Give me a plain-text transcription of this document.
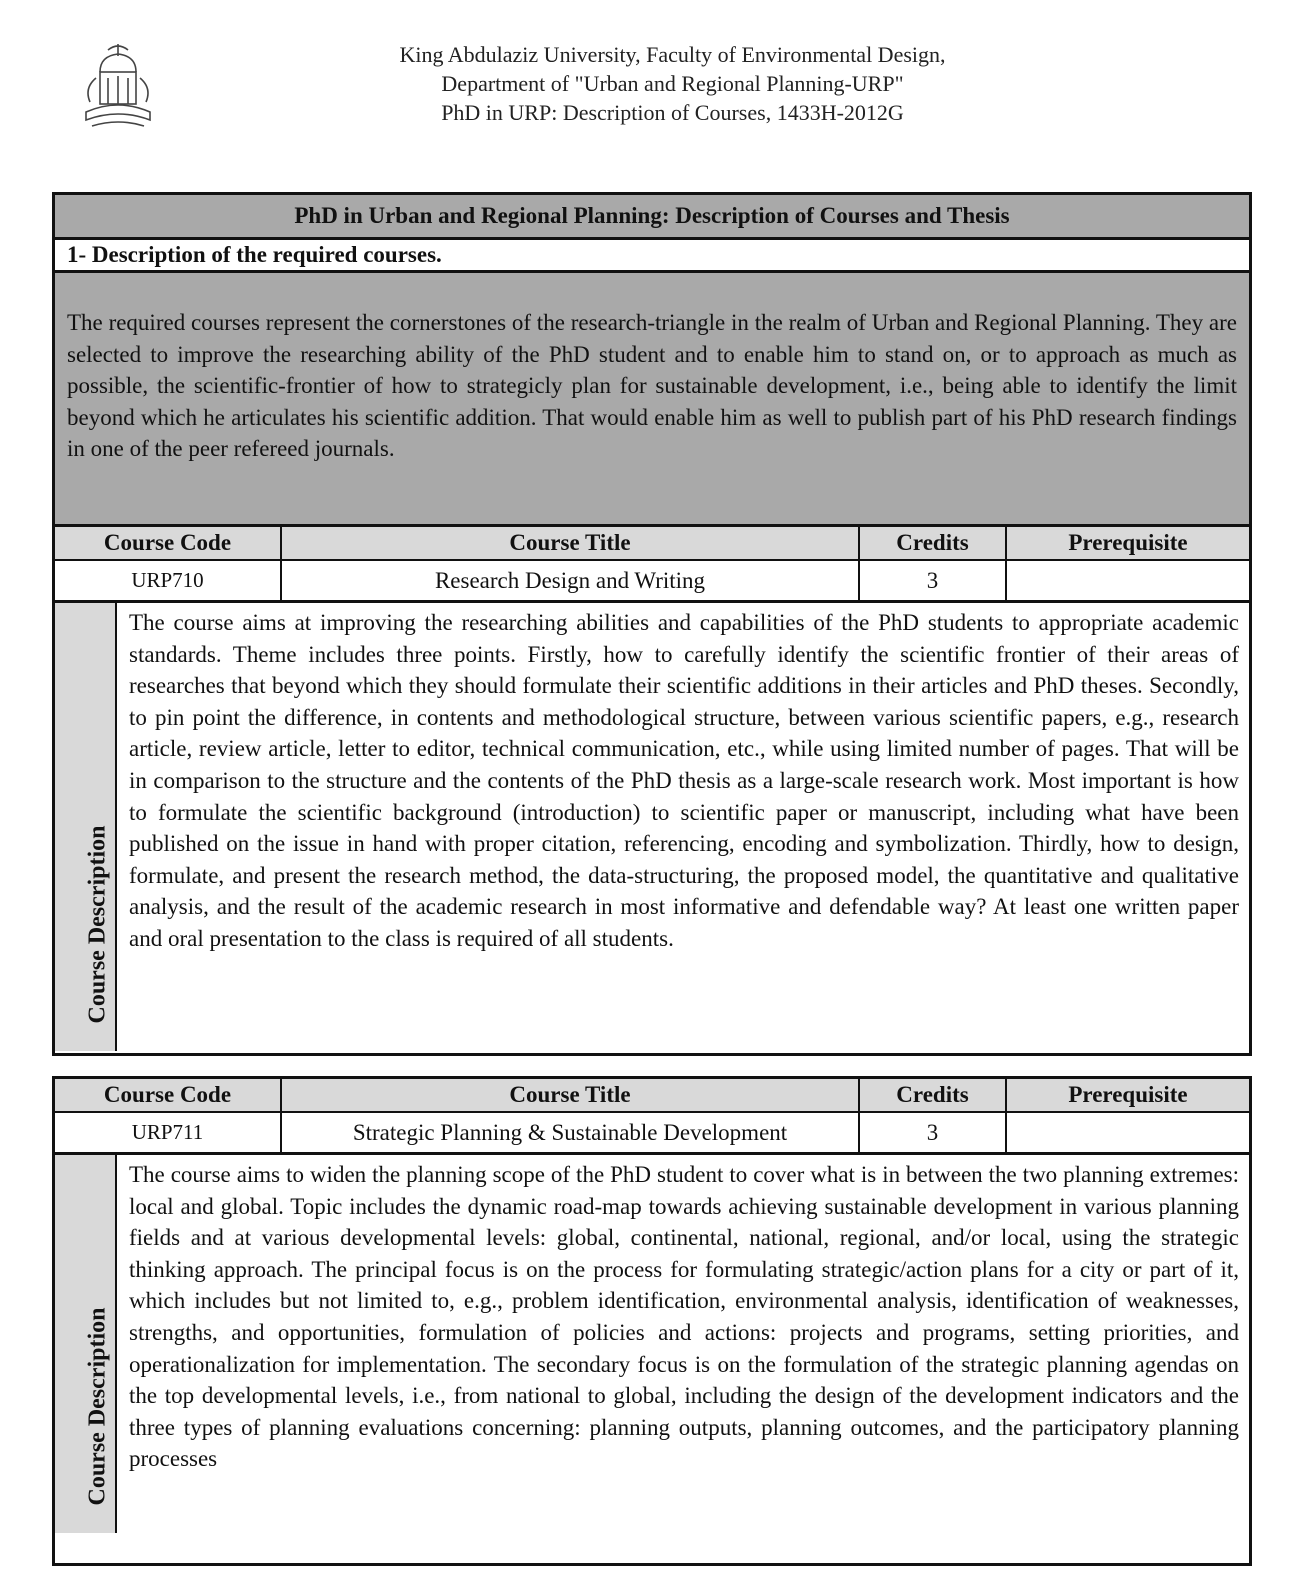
King Abdulaziz University, Faculty of Environmental Design,
Department of "Urban and Regional Planning-URP"
PhD in URP: Description of Courses, 1433H-2012G
PhD in Urban and Regional Planning: Description of Courses and Thesis
1- Description of the required courses.
The required courses represent the cornerstones of the research-triangle in the realm of Urban and Regional Planning. They are selected to improve the researching ability of the PhD student and to enable him to stand on, or to approach as much as possible, the scientific-frontier of how to strategicly plan for sustainable development, i.e., being able to identify the limit beyond which he articulates his scientific addition. That would enable him as well to publish part of his PhD research findings in one of the peer refereed journals.
Course Code	Course Title	Credits	Prerequisite
URP710	Research Design and Writing	3	
Course Description
The course aims at improving the researching abilities and capabilities of the PhD students to appropriate academic standards. Theme includes three points. Firstly, how to carefully identify the scientific frontier of their areas of researches that beyond which they should formulate their scientific additions in their articles and PhD theses. Secondly, to pin point the difference, in contents and methodological structure, between various scientific papers, e.g., research article, review article, letter to editor, technical communication, etc., while using limited number of pages. That will be in comparison to the structure and the contents of the PhD thesis as a large-scale research work. Most important is how to formulate the scientific background (introduction) to scientific paper or manuscript, including what have been published on the issue in hand with proper citation, referencing, encoding and symbolization. Thirdly, how to design, formulate, and present the research method, the data-structuring, the proposed model, the quantitative and qualitative analysis, and the result of the academic research in most informative and defendable way? At least one written paper and oral presentation to the class is required of all students.
Course Code	Course Title	Credits	Prerequisite
URP711	Strategic Planning & Sustainable Development	3	
Course Description
The course aims to widen the planning scope of the PhD student to cover what is in between the two planning extremes: local and global. Topic includes the dynamic road-map towards achieving sustainable development in various planning fields and at various developmental levels: global, continental, national, regional, and/or local, using the strategic thinking approach. The principal focus is on the process for formulating strategic/action plans for a city or part of it, which includes but not limited to, e.g., problem identification, environmental analysis, identification of weaknesses, strengths, and opportunities, formulation of policies and actions: projects and programs, setting priorities, and operationalization for implementation. The secondary focus is on the formulation of the strategic planning agendas on the top developmental levels, i.e., from national to global, including the design of the development indicators and the three types of planning evaluations concerning: planning outputs, planning outcomes, and the participatory planning processes
